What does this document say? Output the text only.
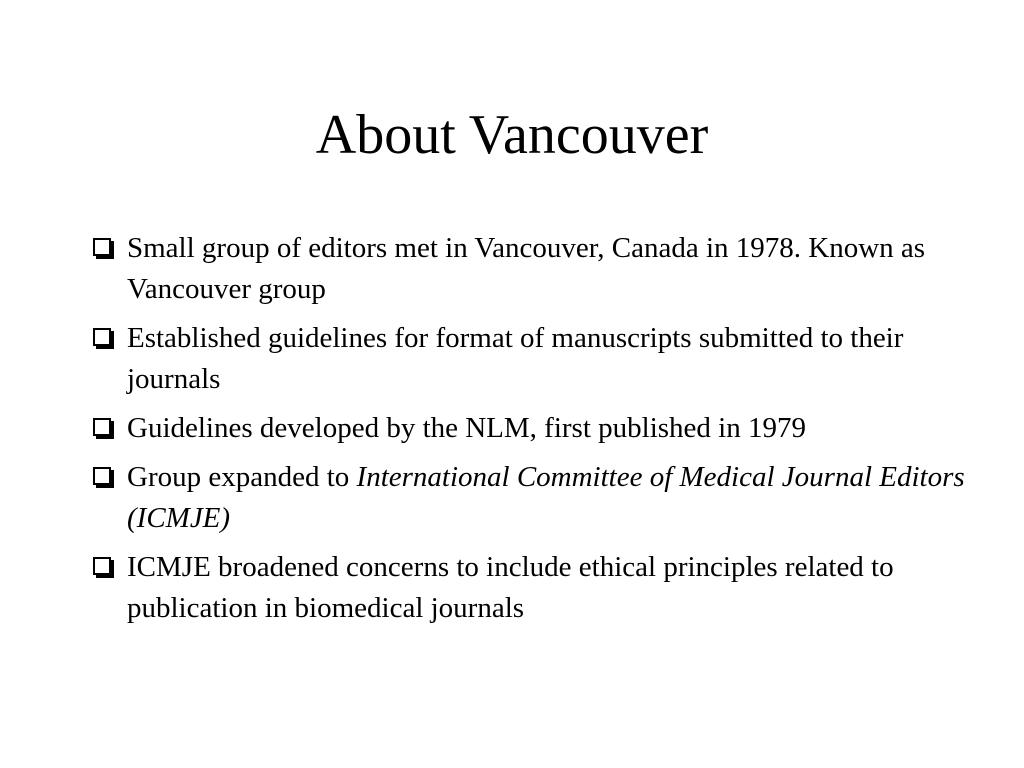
About Vancouver
Small group of editors met in Vancouver, Canada in 1978. Known as Vancouver group
Established guidelines for format of manuscripts submitted to their journals
Guidelines developed by the NLM, first published in 1979
Group expanded to International Committee of Medical Journal Editors (ICMJE)
ICMJE broadened concerns to include ethical principles related to publication in biomedical journals
